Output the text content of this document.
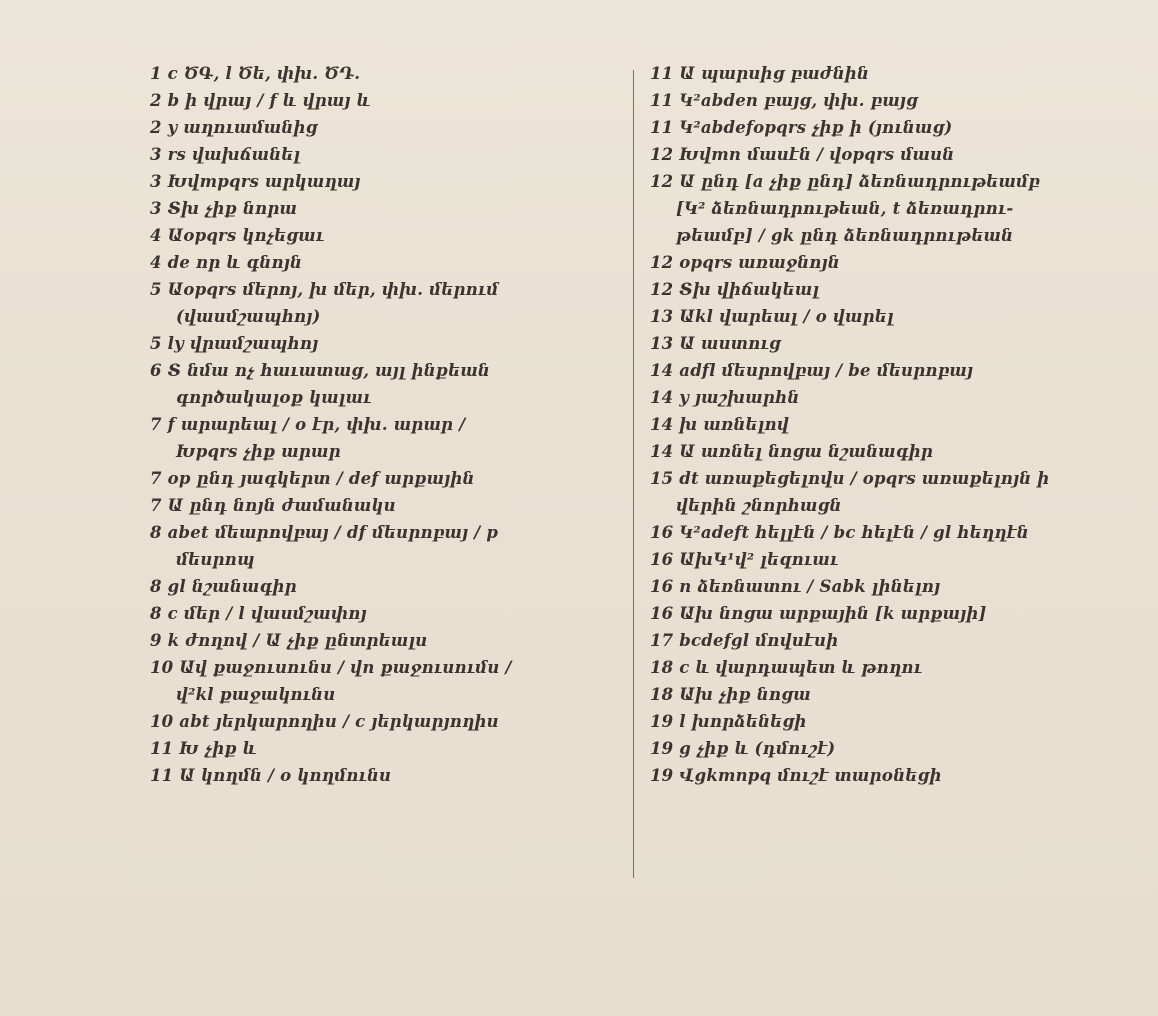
1 c ԾԳ, l Ծե, փխ. ԾԴ.

2 b ի վրայ / f և վրայ և

2 y աղուամանից

3 rs վախճանել

3 Խվmpqrs արկաղայ

3 Տխ չիք նորա

4 Աopqrs կոչեցաւ

4 de որ և գնոյն

5 Աopqrs մերոյ, խ մեր, փխ. մերում

(վասմշապհոյ)

5 ly վրամշապհոյ

6 Տ նմա ոչ հաւատաց, այլ ինքեան

գործակալօք կալաւ

7 f արարեալ / o էր, փխ. արար /

Խpqrs չիք արար

7 op ընդ յագկերտ / def արքային

7 Ա ընդ նոյն ժամանակս

8 abet մեարովբայ / df մեսրոբայ / p

մեսրոպ

8 gl նշանագիր

8 c մեր / l վասմշափոյ

9 k ժողով / Ա չիք ընտրեալս

10 Ավ քաջուսունս / վn քաջուսումս /

վ²kl քաջակունս

10 abt յերկարողիս / c յերկարյողիս

11 Խ չիք և

11 Ա կողմն / o կողմունս

11 Ա պարսից բաժնին

11 Կ²abden բայց, փխ. բայց

11 Կ²abdefopqrs չիք ի (յունաց)

12 Խվmn մասէն / վopqrs մասն

12 Ա ընդ [a չիք ընդ] ձեռնադրութեամբ

[Կ² ձեռնադրութեան, t ձեռադրու-

թեամբ] / gk ընդ ձեռնադրութեան

12 opqrs առաջնոյն

12 Տխ վիճակեալ

13 Աkl վարեալ / o վարել

13 Ա աստուց

14 adfl մեսրովբայ / be մեսրոբայ

14 y յաշխարհն

14 խ առնելով

14 Ա առնել նոցա նշանագիր

15 dt առաքեցելովս / opqrs առաքելոյն ի

վերին շնորհացն

16 Կ²adeft հելլէն / bc հելէն / gl հեղղէն

16 ԱխԿ¹վ² լեզուաւ

16 n ձեռնատու / Sabk լինելոյ

16 Ախ նոցա արքային [k արքայի]

17 bcdefgl մովսէսի

18 c և վարդապետ և թողու

18 Ախ չիք նոցա

19 l խորձենեցի

19 g չիք և (դմուշէ)

19 Վgkmnpq մուշէ տարօնեցի
